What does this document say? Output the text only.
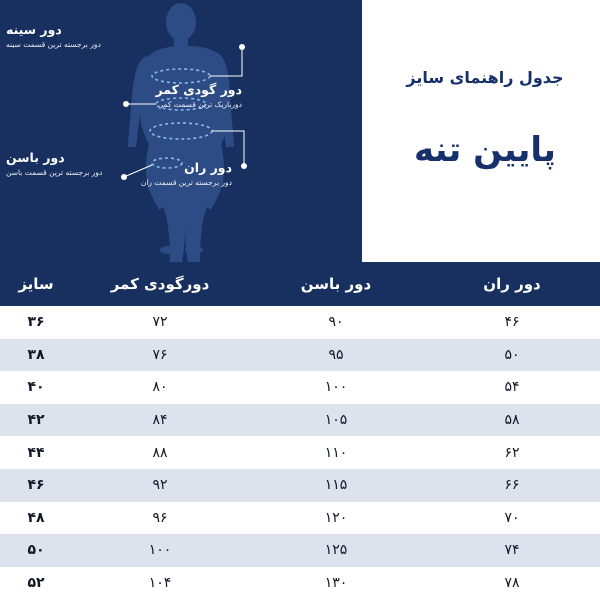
دور سینه
دور برجسته ترین قسمت سینه
دور گودی کمر
دورباریک ترین قسمت کمر
دور باسن
دور برجسته ترین قسمت باسن	دور ران
دور برجسته ترین قسمت ران
جدول راهنمای سایز
پایین تنه
دور ران	دور باسن	دورگودی کمر	سایز
۴۶	۹۰	۷۲	۳۶
۵۰	۹۵	۷۶	۳۸
۵۴	۱۰۰	۸۰	۴۰
۵۸	۱۰۵	۸۴	۴۲
۶۲	۱۱۰	۸۸	۴۴
۶۶	۱۱۵	۹۲	۴۶
۷۰	۱۲۰	۹۶	۴۸
۷۴	۱۲۵	۱۰۰	۵۰
۷۸	۱۳۰	۱۰۴	۵۲
